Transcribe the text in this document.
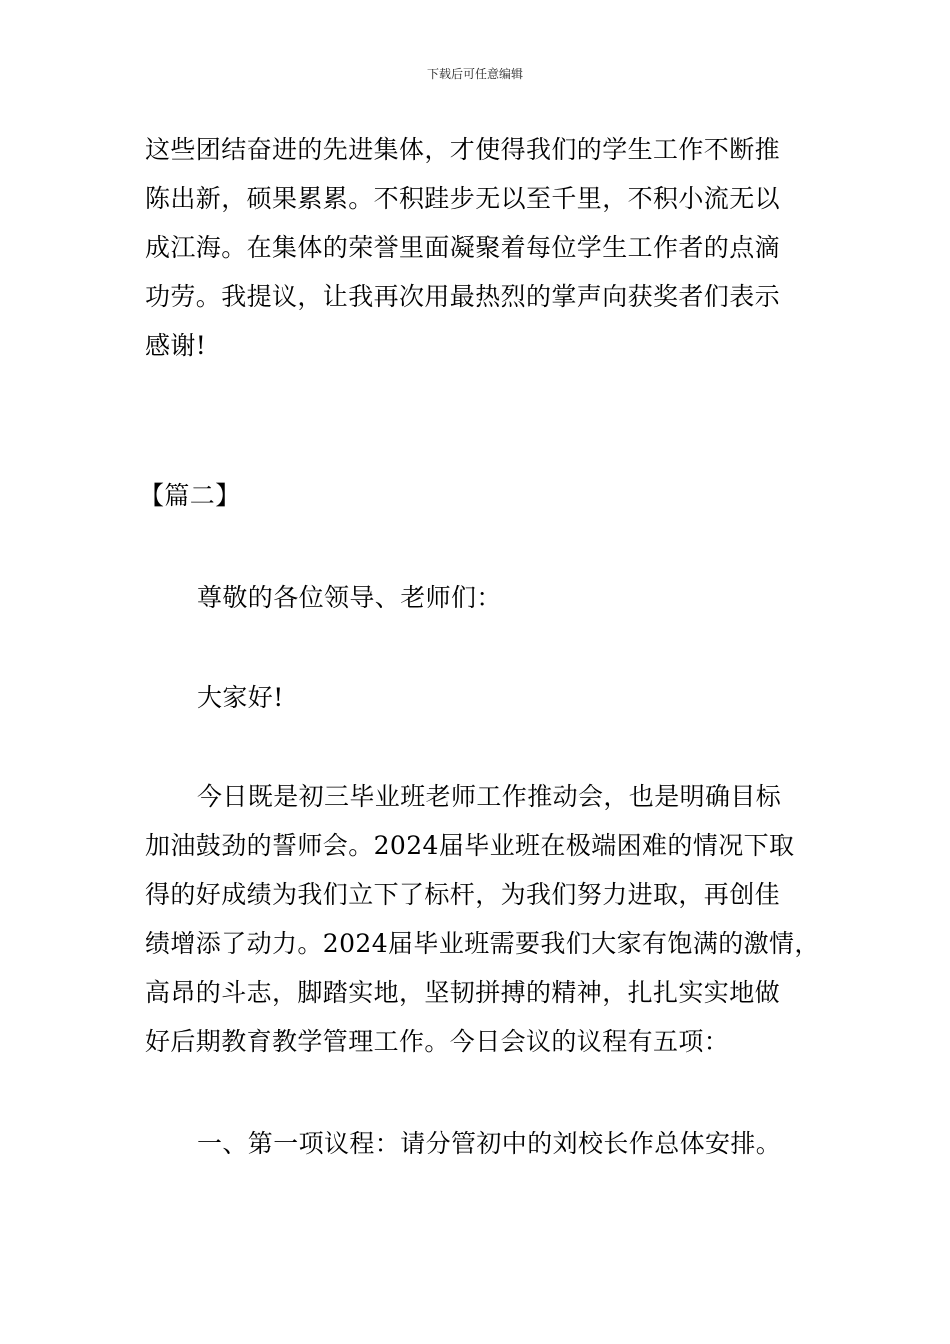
下载后可任意编辑
这些团结奋进的先进集体，才使得我们的学生工作不断推
陈出新，硕果累累。不积跬步无以至千里，不积小流无以
成江海。在集体的荣誉里面凝聚着每位学生工作者的点滴
功劳。我提议，让我再次用最热烈的掌声向获奖者们表示
感谢!
【篇二】
尊敬的各位领导、老师们：
大家好!
今日既是初三毕业班老师工作推动会，也是明确目标
加油鼓劲的誓师会。2024届毕业班在极端困难的情况下取
得的好成绩为我们立下了标杆，为我们努力进取，再创佳
绩增添了动力。2024届毕业班需要我们大家有饱满的激情，
高昂的斗志，脚踏实地，坚韧拼搏的精神，扎扎实实地做
好后期教育教学管理工作。今日会议的议程有五项：
一、第一项议程：请分管初中的刘校长作总体安排。
